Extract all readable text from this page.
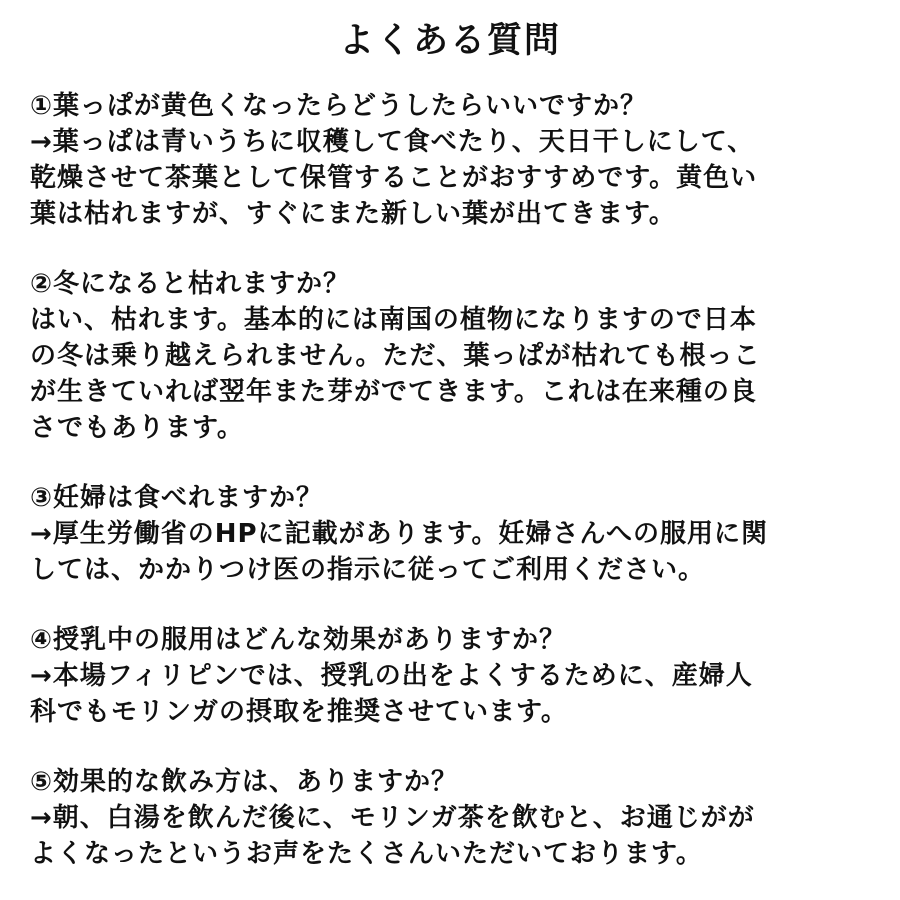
よくある質問
①葉っぱが黄色くなったらどうしたらいいですか？
→葉っぱは青いうちに収穫して食べたり、天日干しにして、
乾燥させて茶葉として保管することがおすすめです。黄色い
葉は枯れますが、すぐにまた新しい葉が出てきます。
②冬になると枯れますか？
はい、枯れます。基本的には南国の植物になりますので日本
の冬は乗り越えられません。ただ、葉っぱが枯れても根っこ
が生きていれば翌年また芽がでてきます。これは在来種の良
さでもあります。
③妊婦は食べれますか？
→厚生労働省のHPに記載があります。妊婦さんへの服用に関
しては、かかりつけ医の指示に従ってご利用ください。
④授乳中の服用はどんな効果がありますか？
→本場フィリピンでは、授乳の出をよくするために、産婦人
科でもモリンガの摂取を推奨させています。
⑤効果的な飲み方は、ありますか？
→朝、白湯を飲んだ後に、モリンガ茶を飲むと、お通じがが
よくなったというお声をたくさんいただいております。
